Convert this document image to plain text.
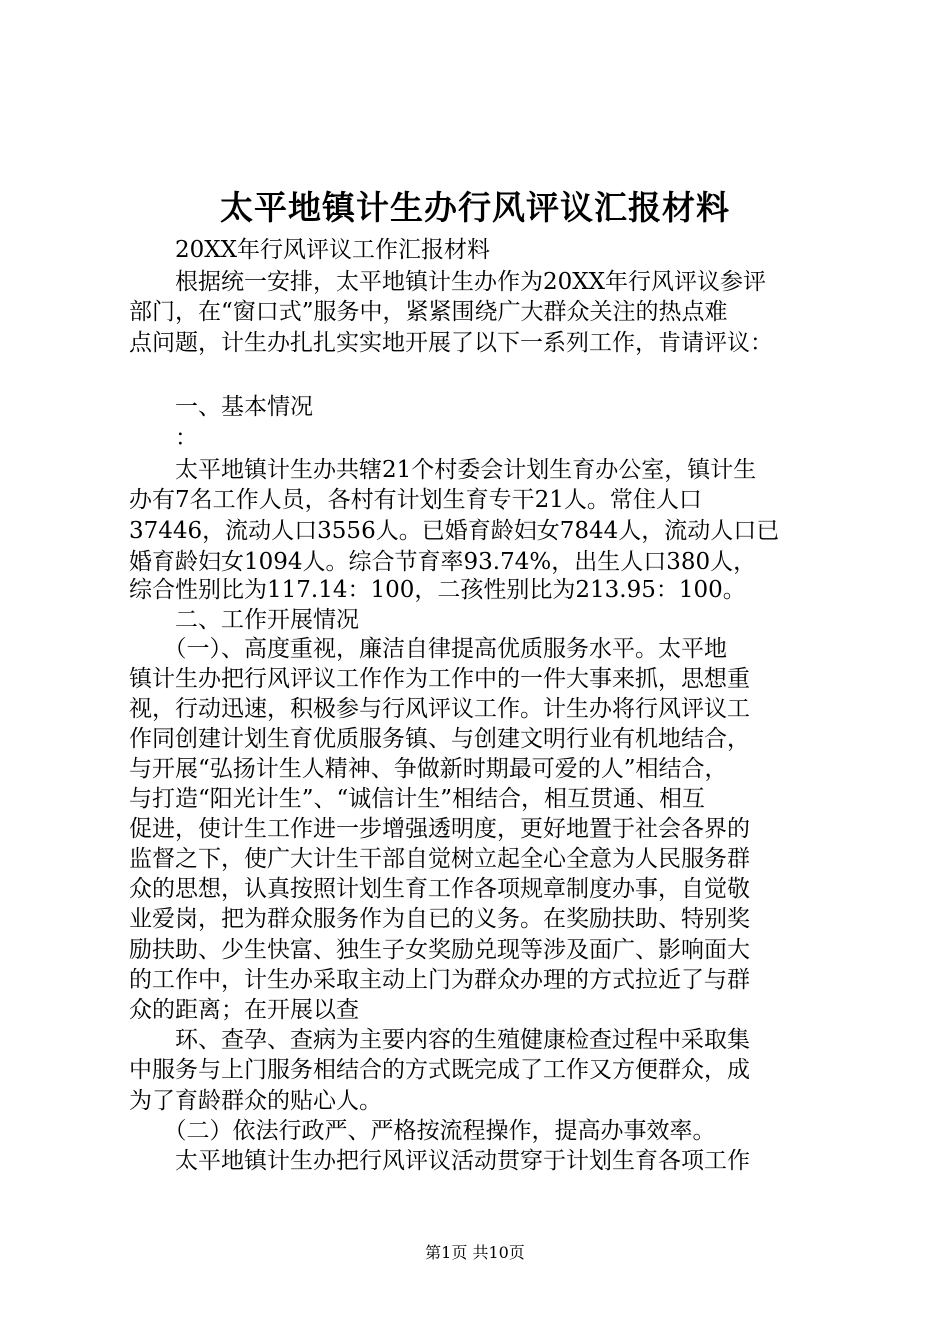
太平地镇计生办行风评议汇报材料
　　20XX年行风评议工作汇报材料
　　根据统一安排，太平地镇计生办作为20XX年行风评议参评
部门，在“窗口式”服务中，紧紧围绕广大群众关注的热点难
点问题，计生办扎扎实实地开展了以下一系列工作，肯请评议：
　　一、基本情况
　　：
　　太平地镇计生办共辖21个村委会计划生育办公室，镇计生
办有7名工作人员，各村有计划生育专干21人。常住人口
37446，流动人口3556人。已婚育龄妇女7844人，流动人口已
婚育龄妇女1094人。综合节育率93.74%，出生人口380人，
综合性别比为117.14：100，二孩性别比为213.95：100。
　　二、工作开展情况
　　（一）、高度重视，廉洁自律提高优质服务水平。太平地
镇计生办把行风评议工作作为工作中的一件大事来抓，思想重
视，行动迅速，积极参与行风评议工作。计生办将行风评议工
作同创建计划生育优质服务镇、与创建文明行业有机地结合，
与开展“弘扬计生人精神、争做新时期最可爱的人”相结合，
与打造“阳光计生”、“诚信计生”相结合，相互贯通、相互
促进，使计生工作进一步增强透明度，更好地置于社会各界的
监督之下，使广大计生干部自觉树立起全心全意为人民服务群
众的思想，认真按照计划生育工作各项规章制度办事，自觉敬
业爱岗，把为群众服务作为自已的义务。在奖励扶助、特别奖
励扶助、少生快富、独生子女奖励兑现等涉及面广、影响面大
的工作中，计生办采取主动上门为群众办理的方式拉近了与群
众的距离；在开展以查
　　环、查孕、查病为主要内容的生殖健康检查过程中采取集
中服务与上门服务相结合的方式既完成了工作又方便群众，成
为了育龄群众的贴心人。
　　（二）依法行政严、严格按流程操作，提高办事效率。
　　太平地镇计生办把行风评议活动贯穿于计划生育各项工作
第1页 共10页
